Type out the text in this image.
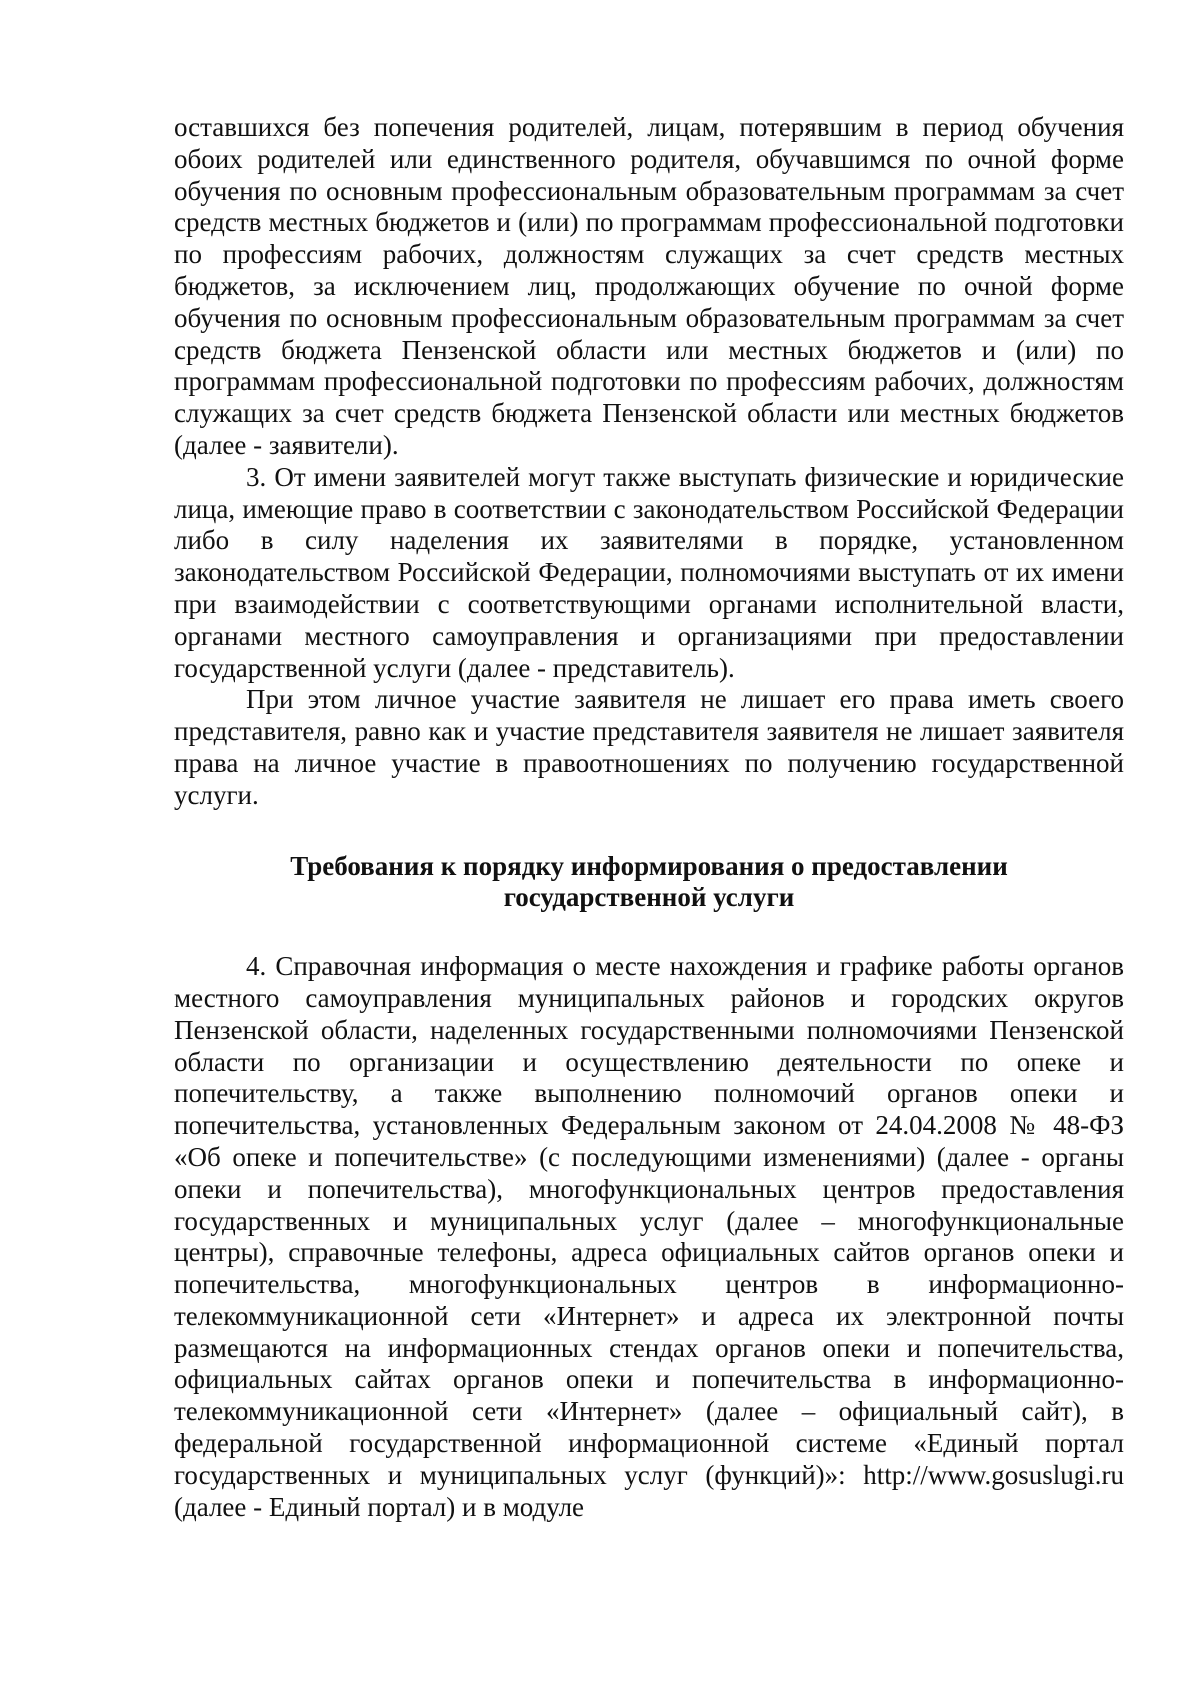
оставшихся без попечения родителей, лицам, потерявшим в период обучения обоих родителей или единственного родителя, обучавшимся по очной форме обучения по основным профессиональным образовательным программам за счет средств местных бюджетов и (или) по программам профессиональной подготовки по профессиям рабочих, должностям служащих за счет средств местных бюджетов, за исключением лиц, продолжающих обучение по очной форме обучения по основным профессиональным образовательным программам за счет средств бюджета Пензенской области или местных бюджетов и (или) по программам профессиональной подготовки по профессиям рабочих, должностям служащих за счет средств бюджета Пензенской области или местных бюджетов (далее - заявители).

3. От имени заявителей могут также выступать физические и юридические лица, имеющие право в соответствии с законодательством Российской Федерации либо в силу наделения их заявителями в порядке, установленном законодательством Российской Федерации, полномочиями выступать от их имени при взаимодействии с соответствующими органами исполнительной власти, органами местного самоуправления и организациями при предоставлении государственной услуги (далее - представитель).

При этом личное участие заявителя не лишает его права иметь своего представителя, равно как и участие представителя заявителя не лишает заявителя права на личное участие в правоотношениях по получению государственной услуги.

Требования к порядку информирования о предоставлении
государственной услуги

4. Справочная информация о месте нахождения и графике работы органов местного самоуправления муниципальных районов и городских округов Пензенской области, наделенных государственными полномочиями Пензенской области по организации и осуществлению деятельности по опеке и попечительству, а также выполнению полномочий органов опеки и попечительства, установленных Федеральным законом от 24.04.2008 № 48-ФЗ «Об опеке и попечительстве» (с последующими изменениями) (далее - органы опеки и попечительства), многофункциональных центров предоставления государственных и муниципальных услуг (далее – многофункциональные центры), справочные телефоны, адреса официальных сайтов органов опеки и попечительства, многофункциональных центров в информационно-телекоммуникационной сети «Интернет» и адреса их электронной почты размещаются на информационных стендах органов опеки и попечительства, официальных сайтах органов опеки и попечительства в информационно-телекоммуникационной сети «Интернет» (далее – официальный сайт), в федеральной государственной информационной системе «Единый портал государственных и муниципальных услуг (функций)»: http://www.gosuslugi.ru (далее - Единый портал) и в модуле
